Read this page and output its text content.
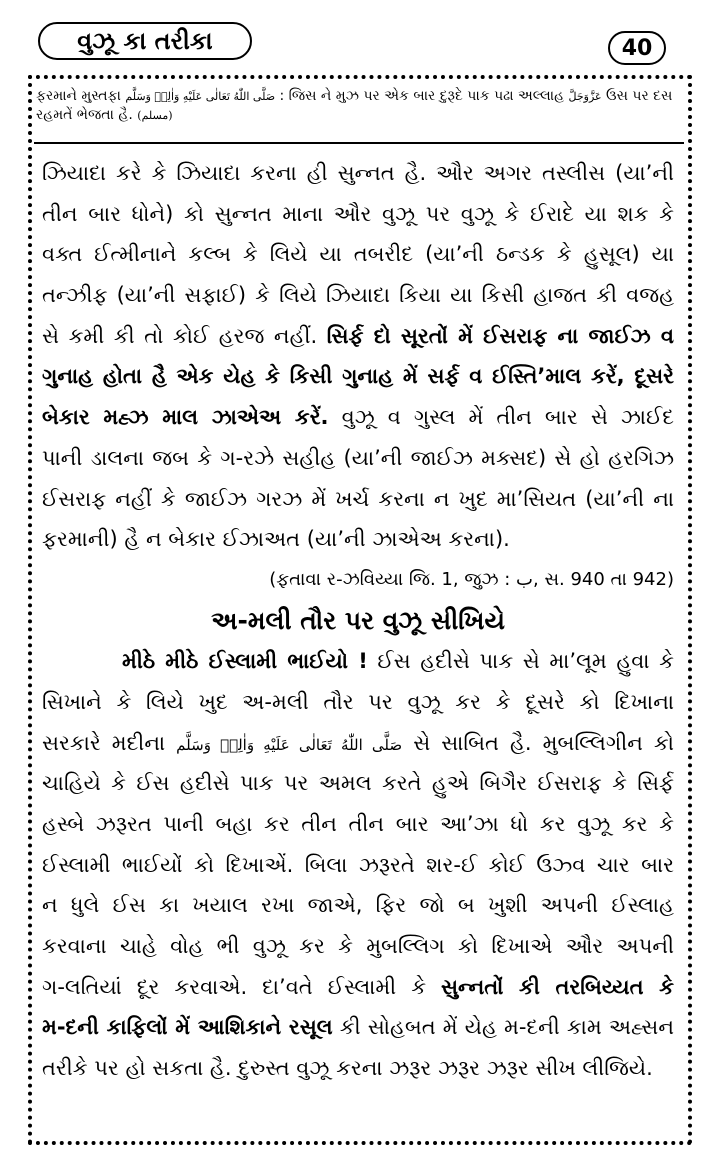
વુઝૂ કા તરીકા	40
ફરમાને મુસ્તફા صَلَّى اللّٰهُ تَعَالٰى عَلَيْهِ وَاٰلِهٖ وَسَلَّم : જિસ ને મુઝ પર એક બાર દુરૂદે પાક પઢા અલ્લાહ عَزَّوَجَلَّ ઉસ પર દસ
રહમતેં ભેજતા હૈ. (مسلم)
ઝિયાદા કરે કે ઝિયાદા કરના હી સુન્નત હૈ. ઔર અગર તસ્લીસ (યા’ની
તીન બાર ધોને) કો સુન્નત માના ઔર વુઝૂ પર વુઝૂ કે ઈરાદે યા શક કે
વક્ત ઈત્મીનાને કલ્બ કે લિયે યા તબરીદ (યા’ની ઠન્ડક કે હુસૂલ) યા
તન્ઝીફ (યા’ની સફાઈ) કે લિયે ઝિયાદા કિયા યા કિસી હાજત કી વજહ
સે કમી કી તો કોઈ હરજ નહીં. સિર્ફ દો સૂરતોં મેં ઈસરાફ ના જાઈઝ વ
ગુનાહ હોતા હૈ એક યેહ કે કિસી ગુનાહ મેં સર્ફ વ ઈસ્તિ’માલ કરેં, દૂસરે
બેકાર મહ્ઝ માલ ઝાએઅ કરેં. વુઝૂ વ ગુસ્લ મેં તીન બાર સે ઝાઈદ
પાની ડાલના જબ કે ગ-રઝે સહીહ (યા’ની જાઈઝ મક્સદ) સે હો હરગિઝ
ઈસરાફ નહીં કે જાઈઝ ગરઝ મેં ખર્ચ કરના ન ખુદ મા’સિયત (યા’ની ના
ફરમાની) હૈ ન બેકાર ઈઝાઅત (યા’ની ઝાએઅ કરના).
(ફતાવા ર-ઝવિય્યા જિ. 1, જુઝ : ب, સ. 940 તા 942)
અ-મલી તૌર પર વુઝૂ સીખિયે
મીઠે મીઠે ઈસ્લામી ભાઈયો ! ઈસ હદીસે પાક સે મા’લૂમ હુવા કે
સિખાને કે લિયે ખુદ અ-મલી તૌર પર વુઝૂ કર કે દૂસરે કો દિખાના
સરકારે મદીના صَلَّى اللّٰهُ تَعَالٰى عَلَيْهِ وَاٰلِهٖ وَسَلَّم સે સાબિત હૈ. મુબલ્લિગીન કો
ચાહિયે કે ઈસ હદીસે પાક પર અમલ કરતે હુએ બિગૈર ઈસરાફ કે સિર્ફ
હસ્બે ઝરૂરત પાની બહા કર તીન તીન બાર આ’ઝા ધો કર વુઝૂ કર કે
ઈસ્લામી ભાઈયોં કો દિખાએં. બિલા ઝરૂરતે શર-ઈ કોઈ ઉઝ્વ ચાર બાર
ન ધુલે ઈસ કા ખયાલ રખા જાએ, ફિર જો બ ખુશી અપની ઈસ્લાહ
કરવાના ચાહે વોહ ભી વુઝૂ કર કે મુબલ્લિગ કો દિખાએ ઔર અપની
ગ-લતિયાં દૂર કરવાએ. દા’વતે ઈસ્લામી કે સુન્નતોં કી તરબિય્યત કે
મ-દની કાફિલોં મેં આશિકાને રસૂલ કી સોહબત મેં યેહ મ-દની કામ અહ્સન
તરીકે પર હો સકતા હૈ. દુરુસ્ત વુઝૂ કરના ઝરૂર ઝરૂર ઝરૂર સીખ લીજિયે.
